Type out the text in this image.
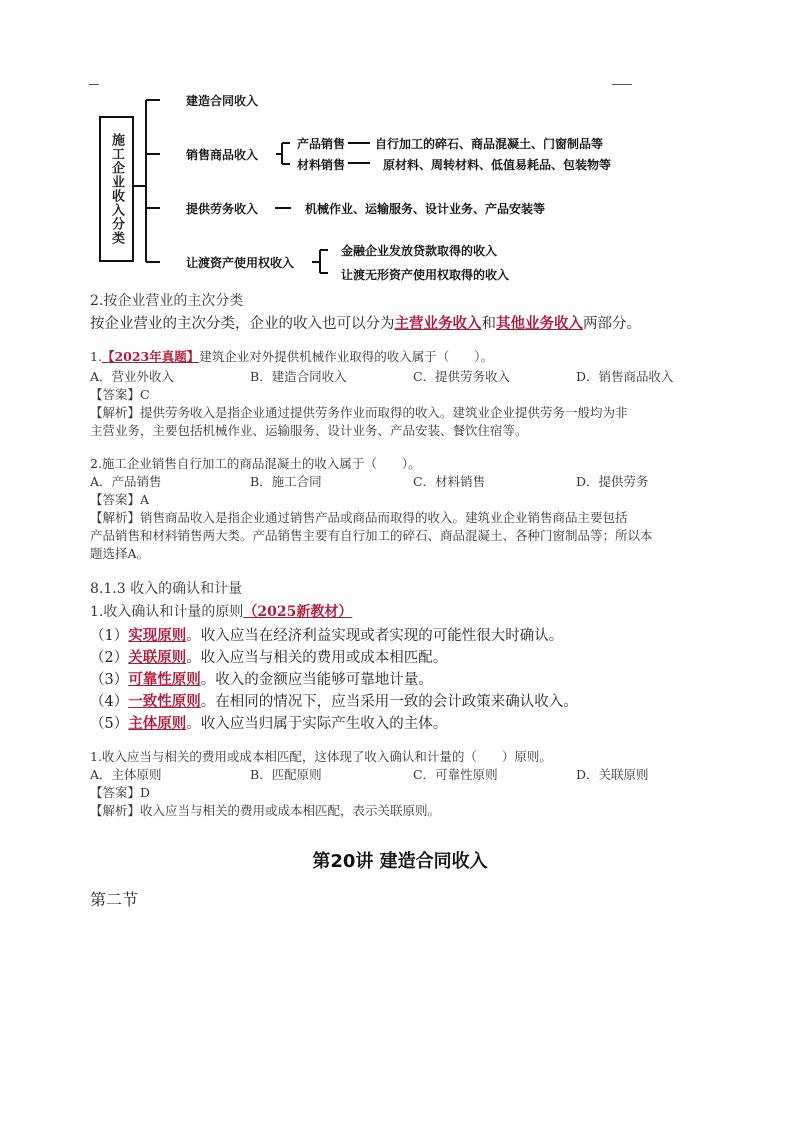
施工企业收入分类
建造合同收入
销售商品收入
产品销售 自行加工的碎石、商品混凝土、门窗制品等
材料销售	原材料、周转材料、低值易耗品、包装物等
提供劳务收入	机械作业、运输服务、设计业务、产品安装等
让渡资产使用权收入
金融企业发放贷款取得的收入
让渡无形资产使用权取得的收入
2.按企业营业的主次分类
按企业营业的主次分类，企业的收入也可以分为主营业务收入和其他业务收入两部分。
1.【2023年真题】建筑企业对外提供机械作业取得的收入属于（　　）。
A．营业外收入	B．建造合同收入	C．提供劳务收入	D．销售商品收入
【答案】C
【解析】提供劳务收入是指企业通过提供劳务作业而取得的收入。建筑业企业提供劳务一般均为非
主营业务，主要包括机械作业、运输服务、设计业务、产品安装、餐饮住宿等。
2.施工企业销售自行加工的商品混凝土的收入属于（　　）。
A．产品销售	B．施工合同	C．材料销售	D．提供劳务
【答案】A
【解析】销售商品收入是指企业通过销售产品或商品而取得的收入。建筑业企业销售商品主要包括
产品销售和材料销售两大类。产品销售主要有自行加工的碎石、商品混凝土、各种门窗制品等；所以本
题选择A。
8.1.3 收入的确认和计量
1.收入确认和计量的原则（2025新教材）
（1）实现原则。收入应当在经济利益实现或者实现的可能性很大时确认。
（2）关联原则。收入应当与相关的费用或成本相匹配。
（3）可靠性原则。收入的金额应当能够可靠地计量。
（4）一致性原则。在相同的情况下，应当采用一致的会计政策来确认收入。
（5）主体原则。收入应当归属于实际产生收入的主体。
1.收入应当与相关的费用或成本相匹配，这体现了收入确认和计量的（　　）原则。
A．主体原则	B．匹配原则	C．可靠性原则	D．关联原则
【答案】D
【解析】收入应当与相关的费用或成本相匹配，表示关联原则。
第20讲 建造合同收入
第二节
